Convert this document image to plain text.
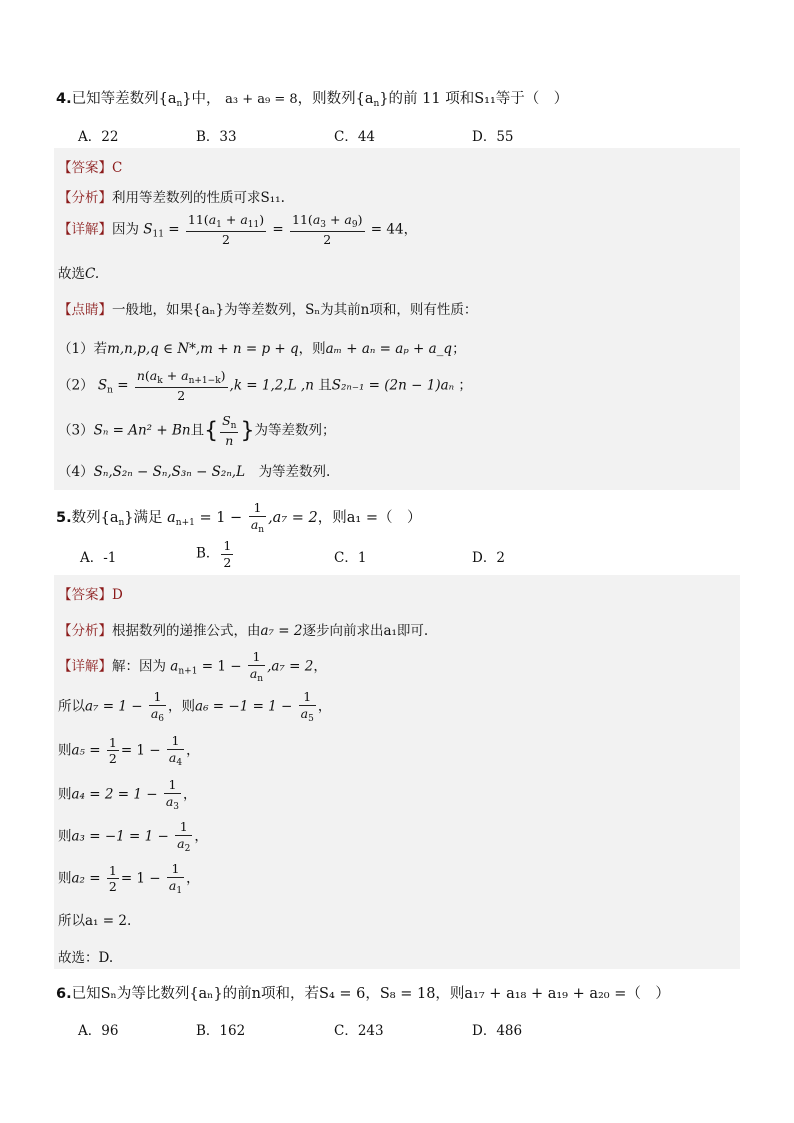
4.已知等差数列$\{a_n\}$中， a₃ + a₉ = 8，则数列$\{a_n\}$的前 11 项和S₁₁等于（　）
A．22	B．33	C．44	D．55
【答案】C
【分析】利用等差数列的性质可求S₁₁.
【详解】因为 $S_{11} = \frac{11(a_1 + a_{11})}{2} = \frac{11(a_3 + a_9)}{2} = 44$，
故选C.
【点睛】一般地，如果{aₙ}为等差数列，Sₙ为其前n项和，则有性质：
（1）若m,n,p,q ∈ N*,m + n = p + q，则aₘ + aₙ = aₚ + a_q；
（2） $S_n = \frac{n(a_k + a_{n+1-k})}{2} ,k = 1,2,L$ ,n 且S₂ₙ₋₁ = (2n − 1)aₙ ；
（3）Sₙ = An² + Bn且{ $\frac{S_n}{n}$ }为等差数列；
（4）Sₙ,S₂ₙ − Sₙ,S₃ₙ − S₂ₙ,L　 为等差数列.
5.数列$\{a_n\}$满足 $a_{n+1} = 1 - \frac{1}{a_n} ,a_7 = 2$，则a₁ =（　）
A．-1	B． $\frac{1}{2}$	C．1	D．2
【答案】D
【分析】根据数列的递推公式，由a₇ = 2逐步向前求出a₁即可.
【详解】解：因为 $a_{n+1} = 1 - \frac{1}{a_n} ,a_7 = 2$，
所以$a_7 = 1 - \frac{1}{a_6}$ ，则$a_6 = -1 = 1 - \frac{1}{a_5}$ ，
则$a_5 = \frac{1}{2} = 1 - \frac{1}{a_4}$ ，
则$a_4 = 2 = 1 - \frac{1}{a_3}$ ，
则$a_3 = -1 = 1 - \frac{1}{a_2}$ ，
则$a_2 = \frac{1}{2} = 1 - \frac{1}{a_1}$ ，
所以a₁ = 2.
故选：D.
6.已知Sₙ为等比数列{aₙ}的前n项和，若S₄ = 6，S₈ = 18，则a₁₇ + a₁₈ + a₁₉ + a₂₀ =（　）
A．96	B．162	C．243	D．486
